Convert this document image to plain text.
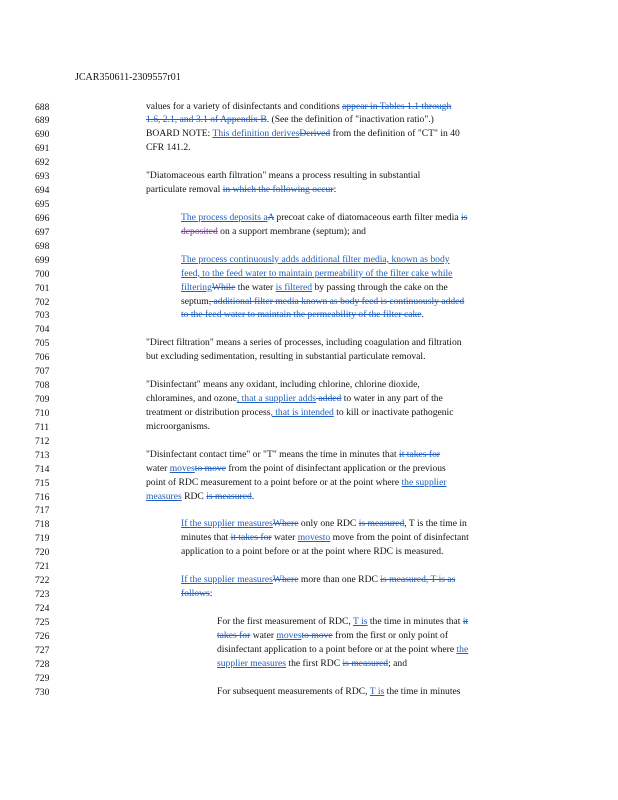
JCAR350611-2309557r01
688
689
690
691
692
693
694
695
696
697
698
699
700
701
702
703
704
705
706
707
708
709
710
711
712
713
714
715
716
717
718
719
720
721
722
723
724
725
726
727
728
729
730
values for a variety of disinfectants and conditions appear in Tables 1.1 through
1.6, 2.1, and 3.1 of Appendix B. (See the definition of "inactivation ratio".)
BOARD NOTE: This definition derivesDerived from the definition of "CT" in 40
CFR 141.2.
"Diatomaceous earth filtration" means a process resulting in substantial
particulate removal in which the following occur:
The process deposits aA precoat cake of diatomaceous earth filter media is
deposited on a support membrane (septum); and
The process continuously adds additional filter media, known as body
feed, to the feed water to maintain permeability of the filter cake while
filteringWhile the water is filtered by passing through the cake on the
septum, additional filter media known as body feed is continuously added
to the feed water to maintain the permeability of the filter cake.
"Direct filtration" means a series of processes, including coagulation and filtration
but excluding sedimentation, resulting in substantial particulate removal.
"Disinfectant" means any oxidant, including chlorine, chlorine dioxide,
chloramines, and ozone, that a supplier adds added to water in any part of the
treatment or distribution process, that is intended to kill or inactivate pathogenic
microorganisms.
"Disinfectant contact time" or "T" means the time in minutes that it takes for
water movesto move from the point of disinfectant application or the previous
point of RDC measurement to a point before or at the point where the supplier
measures RDC is measured.
If the supplier measuresWhere only one RDC is measured, T is the time in
minutes that it takes for water movesto move from the point of disinfectant
application to a point before or at the point where RDC is measured.
If the supplier measuresWhere more than one RDC is measured, T is as
follows:
For the first measurement of RDC, T is the time in minutes that it
takes for water movesto move from the first or only point of
disinfectant application to a point before or at the point where the
supplier measures the first RDC is measured; and
For subsequent measurements of RDC, T is the time in minutes
